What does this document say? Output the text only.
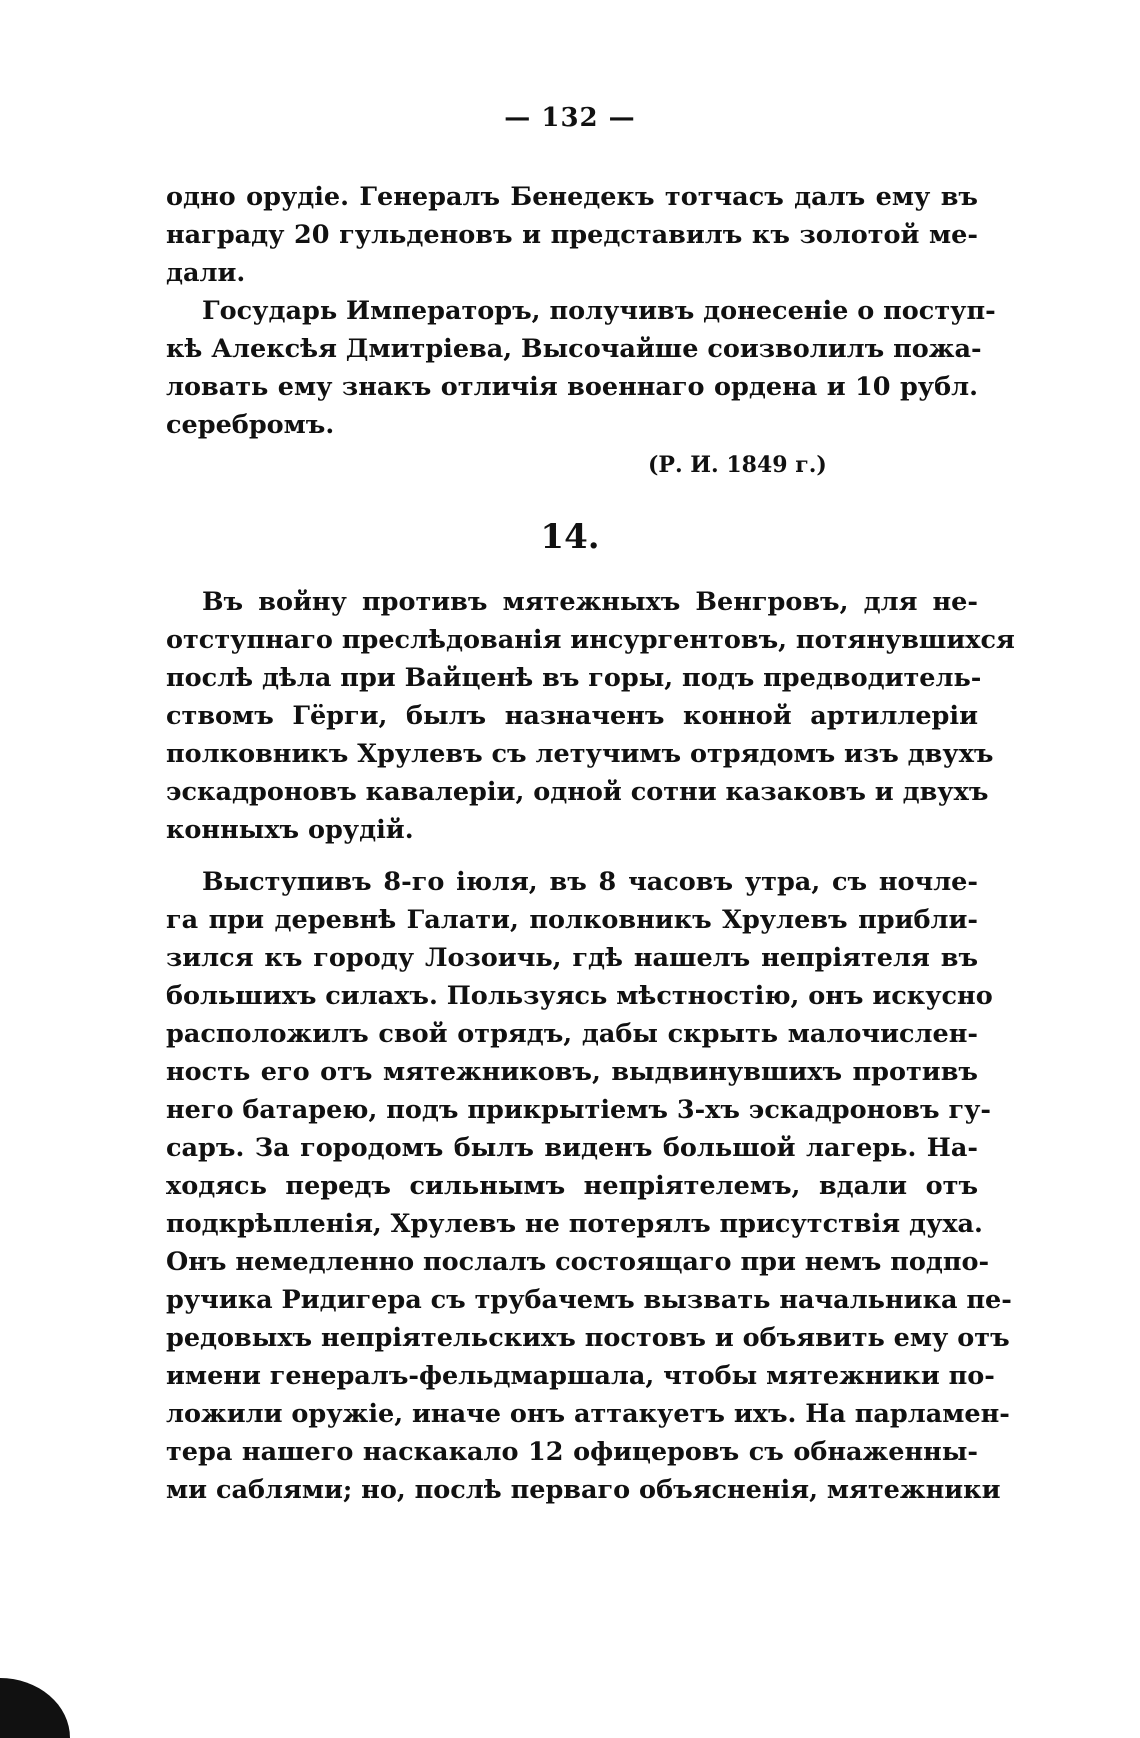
— 132 —
одно орудіе. Генералъ Бенедекъ тотчасъ далъ ему въ
награду 20 гульденовъ и представилъ къ золотой ме-
дали.
Государь Императоръ, получивъ донесеніе о поступ-
кѣ Алексѣя Дмитріева, Высочайше соизволилъ пожа-
ловать ему знакъ отличія военнаго ордена и 10 рубл.
серебромъ.
(Р. И. 1849 г.)
14.
Въ войну противъ мятежныхъ Венгровъ, для не-
отступнаго преслѣдованія инсургентовъ, потянувшихся
послѣ дѣла при Вайценѣ въ горы, подъ предводитель-
ствомъ Гёрги, былъ назначенъ конной артиллеріи
полковникъ Хрулевъ съ летучимъ отрядомъ изъ двухъ
эскадроновъ кавалеріи, одной сотни казаковъ и двухъ
конныхъ орудій.
Выступивъ 8-го іюля, въ 8 часовъ утра, съ ночле-
га при деревнѣ Галати, полковникъ Хрулевъ прибли-
зился къ городу Лозоичь, гдѣ нашелъ непріятеля въ
большихъ силахъ. Пользуясь мѣстностію, онъ искусно
расположилъ свой отрядъ, дабы скрыть малочислен-
ность его отъ мятежниковъ, выдвинувшихъ противъ
него батарею, подъ прикрытіемъ 3-хъ эскадроновъ гу-
саръ. За городомъ былъ виденъ большой лагерь. На-
ходясь передъ сильнымъ непріятелемъ, вдали отъ
подкрѣпленія, Хрулевъ не потерялъ присутствія духа.
Онъ немедленно послалъ состоящаго при немъ подпо-
ручика Ридигера съ трубачемъ вызвать начальника пе-
редовыхъ непріятельскихъ постовъ и объявить ему отъ
имени генералъ-фельдмаршала, чтобы мятежники по-
ложили оружіе, иначе онъ аттакуетъ ихъ. На парламен-
тера нашего наскакало 12 офицеровъ съ обнаженны-
ми саблями; но, послѣ перваго объясненія, мятежники
